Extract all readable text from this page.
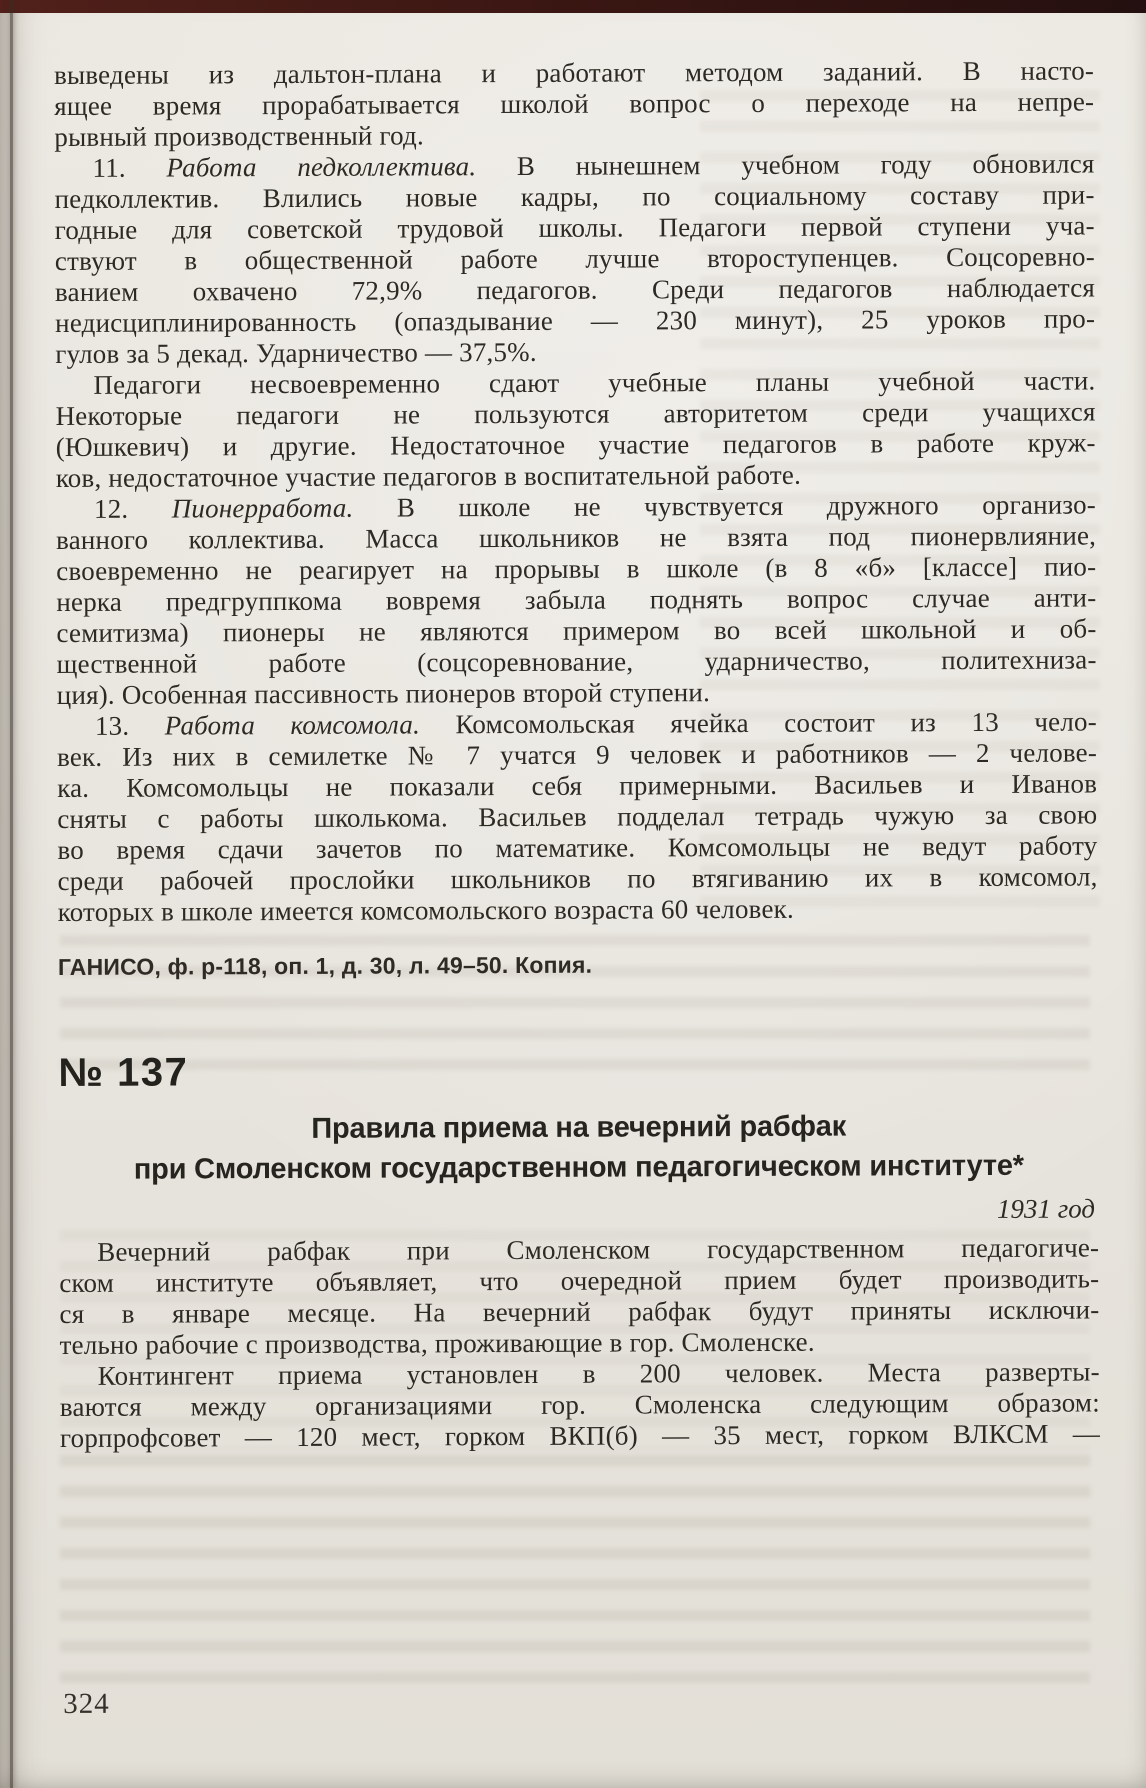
выведены из дальтон-плана и работают методом заданий. В насто-
ящее время прорабатывается школой вопрос о переходе на непре-
рывный производственный год.
11. Работа педколлектива. В нынешнем учебном году обновился
педколлектив. Влились новые кадры, по социальному составу при-
годные для советской трудовой школы. Педагоги первой ступени уча-
ствуют в общественной работе лучше второступенцев. Соцсоревно-
ванием охвачено 72,9% педагогов. Среди педагогов наблюдается
недисциплинированность (опаздывание — 230 минут), 25 уроков про-
гулов за 5 декад. Ударничество — 37,5%.
Педагоги несвоевременно сдают учебные планы учебной части.
Некоторые педагоги не пользуются авторитетом среди учащихся
(Юшкевич) и другие. Недостаточное участие педагогов в работе круж-
ков, недостаточное участие педагогов в воспитательной работе.
12. Пионерработа. В школе не чувствуется дружного организо-
ванного коллектива. Масса школьников не взята под пионервлияние,
своевременно не реагирует на прорывы в школе (в 8 «б» [классе] пио-
нерка предгруппкома вовремя забыла поднять вопрос случае анти-
семитизма) пионеры не являются примером во всей школьной и об-
щественной работе (соцсоревнование, ударничество, политехниза-
ция). Особенная пассивность пионеров второй ступени.
13. Работа комсомола. Комсомольская ячейка состоит из 13 чело-
век. Из них в семилетке № 7 учатся 9 человек и работников — 2 челове-
ка. Комсомольцы не показали себя примерными. Васильев и Иванов
сняты с работы школькома. Васильев подделал тетрадь чужую за свою
во время сдачи зачетов по математике. Комсомольцы не ведут работу
среди рабочей прослойки школьников по втягиванию их в комсомол,
которых в школе имеется комсомольского возраста 60 человек.
ГАНИСО, ф. р-118, оп. 1, д. 30, л. 49–50. Копия.
№ 137
Правила приема на вечерний рабфак
при Смоленском государственном педагогическом институте*
1931 год
Вечерний рабфак при Смоленском государственном педагогиче-
ском институте объявляет, что очередной прием будет производить-
ся в январе месяце. На вечерний рабфак будут приняты исключи-
тельно рабочие с производства, проживающие в гор. Смоленске.
Контингент приема установлен в 200 человек. Места разверты-
ваются между организациями гор. Смоленска следующим образом:
горпрофсовет — 120 мест, горком ВКП(б) — 35 мест, горком ВЛКСМ —
324
